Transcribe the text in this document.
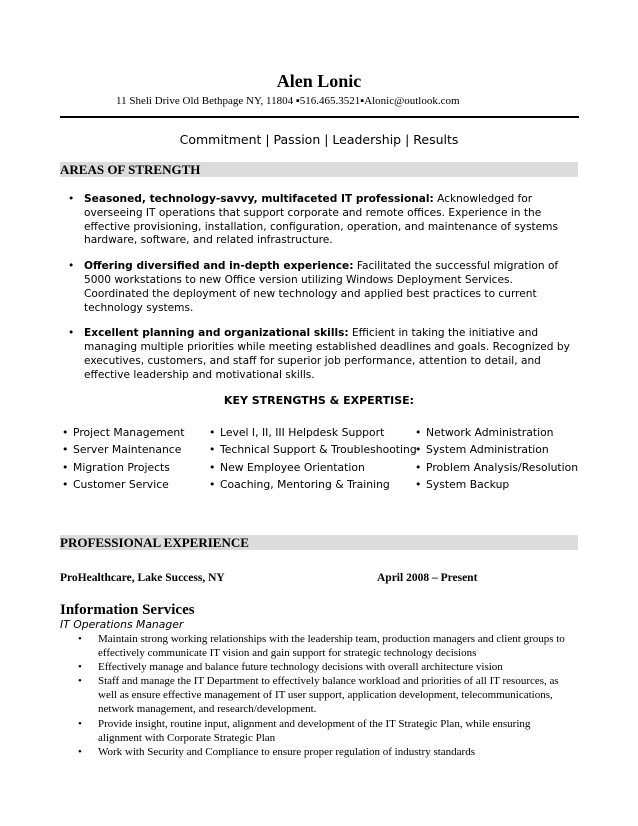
Alen Lonic
11 Sheli Drive Old Bethpage NY, 11804 ▪516.465.3521▪Alonic@outlook.com
Commitment | Passion | Leadership | Results
AREAS OF STRENGTH
• Seasoned, technology-savvy, multifaceted IT professional: Acknowledged for overseeing IT operations that support corporate and remote offices. Experience in the effective provisioning, installation, configuration, operation, and maintenance of systems hardware, software, and related infrastructure.
• Offering diversified and in-depth experience: Facilitated the successful migration of 5000 workstations to new Office version utilizing Windows Deployment Services. Coordinated the deployment of new technology and applied best practices to current technology systems.
• Excellent planning and organizational skills: Efficient in taking the initiative and managing multiple priorities while meeting established deadlines and goals. Recognized by executives, customers, and staff for superior job performance, attention to detail, and effective leadership and motivational skills.
KEY STRENGTHS & EXPERTISE:
• Project Management
• Server Maintenance
• Migration Projects
• Customer Service
• Level I, II, III Helpdesk Support
• Technical Support & Troubleshooting
• New Employee Orientation
• Coaching, Mentoring & Training
• Network Administration
• System Administration
• Problem Analysis/Resolution
• System Backup
PROFESSIONAL EXPERIENCE
ProHealthcare, Lake Success, NY	April 2008 – Present
Information Services
IT Operations Manager
• Maintain strong working relationships with the leadership team, production managers and client groups to effectively communicate IT vision and gain support for strategic technology decisions
• Effectively manage and balance future technology decisions with overall architecture vision
• Staff and manage the IT Department to effectively balance workload and priorities of all IT resources, as well as ensure effective management of IT user support, application development, telecommunications, network management, and research/development.
• Provide insight, routine input, alignment and development of the IT Strategic Plan, while ensuring alignment with Corporate Strategic Plan
• Work with Security and Compliance to ensure proper regulation of industry standards
